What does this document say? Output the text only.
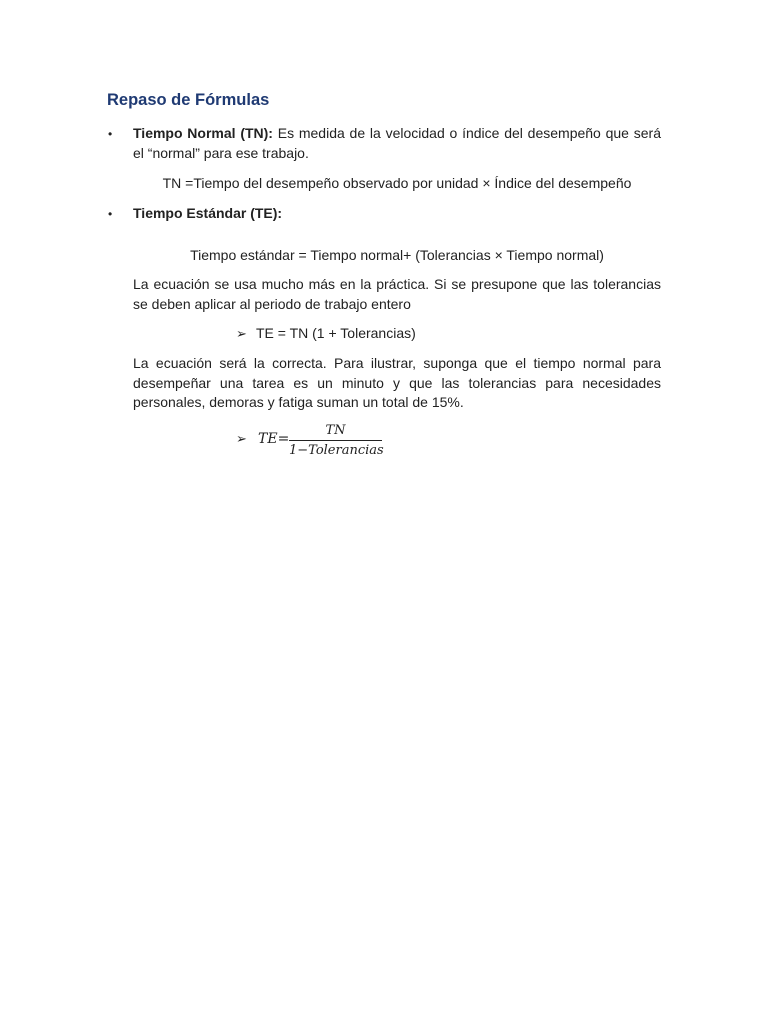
Repaso de Fórmulas
• Tiempo Normal (TN): Es medida de la velocidad o índice del desempeño que será el “normal” para ese trabajo.

TN =Tiempo del desempeño observado por unidad × Índice del desempeño
• Tiempo Estándar (TE):

Tiempo estándar = Tiempo normal+ (Tolerancias × Tiempo normal)

La ecuación se usa mucho más en la práctica. Si se presupone que las tolerancias se deben aplicar al periodo de trabajo entero

➢ TE = TN (1 + Tolerancias)

La ecuación será la correcta. Para ilustrar, suponga que el tiempo normal para desempeñar una tarea es un minuto y que las tolerancias para necesidades personales, demoras y fatiga suman un total de 15%.

➢ TE=
TN
1−Tolerancias
